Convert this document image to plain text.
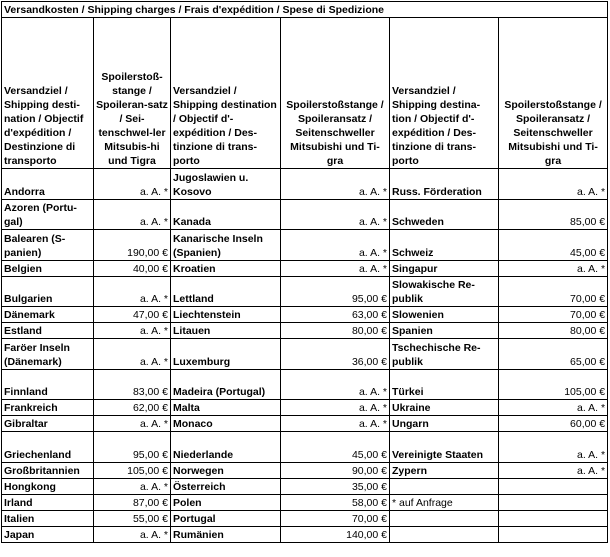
Versandkosten / Shipping charges / Frais d'expédition / Spese di Spedizione					
Versandziel / Shipping desti-nation / Objectif d'expédition / Destinzione di transporto	Spoilerstoß-stange / Spoileran-satz / Sei-tenschwel-ler Mitsubis-hi und Tigra	Versandziel / Shipping destination / Objectif d'-expédition / Des-tinzione di trans-porto	Spoilerstoßstange / Spoileransatz / Seitenschweller Mitsubishi und Ti-gra	Versandziel / Shipping destina-tion / Objectif d'-expédition / Des-tinzione di trans-porto	Spoilerstoßstange / Spoileransatz / Seitenschweller Mitsubishi und Ti-gra
Andorra	a. A. *	Jugoslawien u. Kosovo	a. A. *	Russ. Förderation	a. A. *
Azoren (Portu-gal)	a. A. *	Kanada	a. A. *	Schweden	85,00 €
Balearen (S-panien)	190,00 €	Kanarische Inseln (Spanien)	a. A. *	Schweiz	45,00 €
Belgien	40,00 €	Kroatien	a. A. *	Singapur	a. A. *
Bulgarien	a. A. *	Lettland	95,00 €	Slowakische Re-publik	70,00 €
Dänemark	47,00 €	Liechtenstein	63,00 €	Slowenien	70,00 €
Estland	a. A. *	Litauen	80,00 €	Spanien	80,00 €
Faröer Inseln (Dänemark)	a. A. *	Luxemburg	36,00 €	Tschechische Re-publik	65,00 €
Finnland	83,00 €	Madeira (Portugal)	a. A. *	Türkei	105,00 €
Frankreich	62,00 €	Malta	a. A. *	Ukraine	a. A. *
Gibraltar	a. A. *	Monaco	a. A. *	Ungarn	60,00 €
Griechenland	95,00 €	Niederlande	45,00 €	Vereinigte Staaten	a. A. *
Großbritannien	105,00 €	Norwegen	90,00 €	Zypern	a. A. *
Hongkong	a. A. *	Österreich	35,00 €		
Irland	87,00 €	Polen	58,00 €	* auf Anfrage	
Italien	55,00 €	Portugal	70,00 €		
Japan	a. A. *	Rumänien	140,00 €		
